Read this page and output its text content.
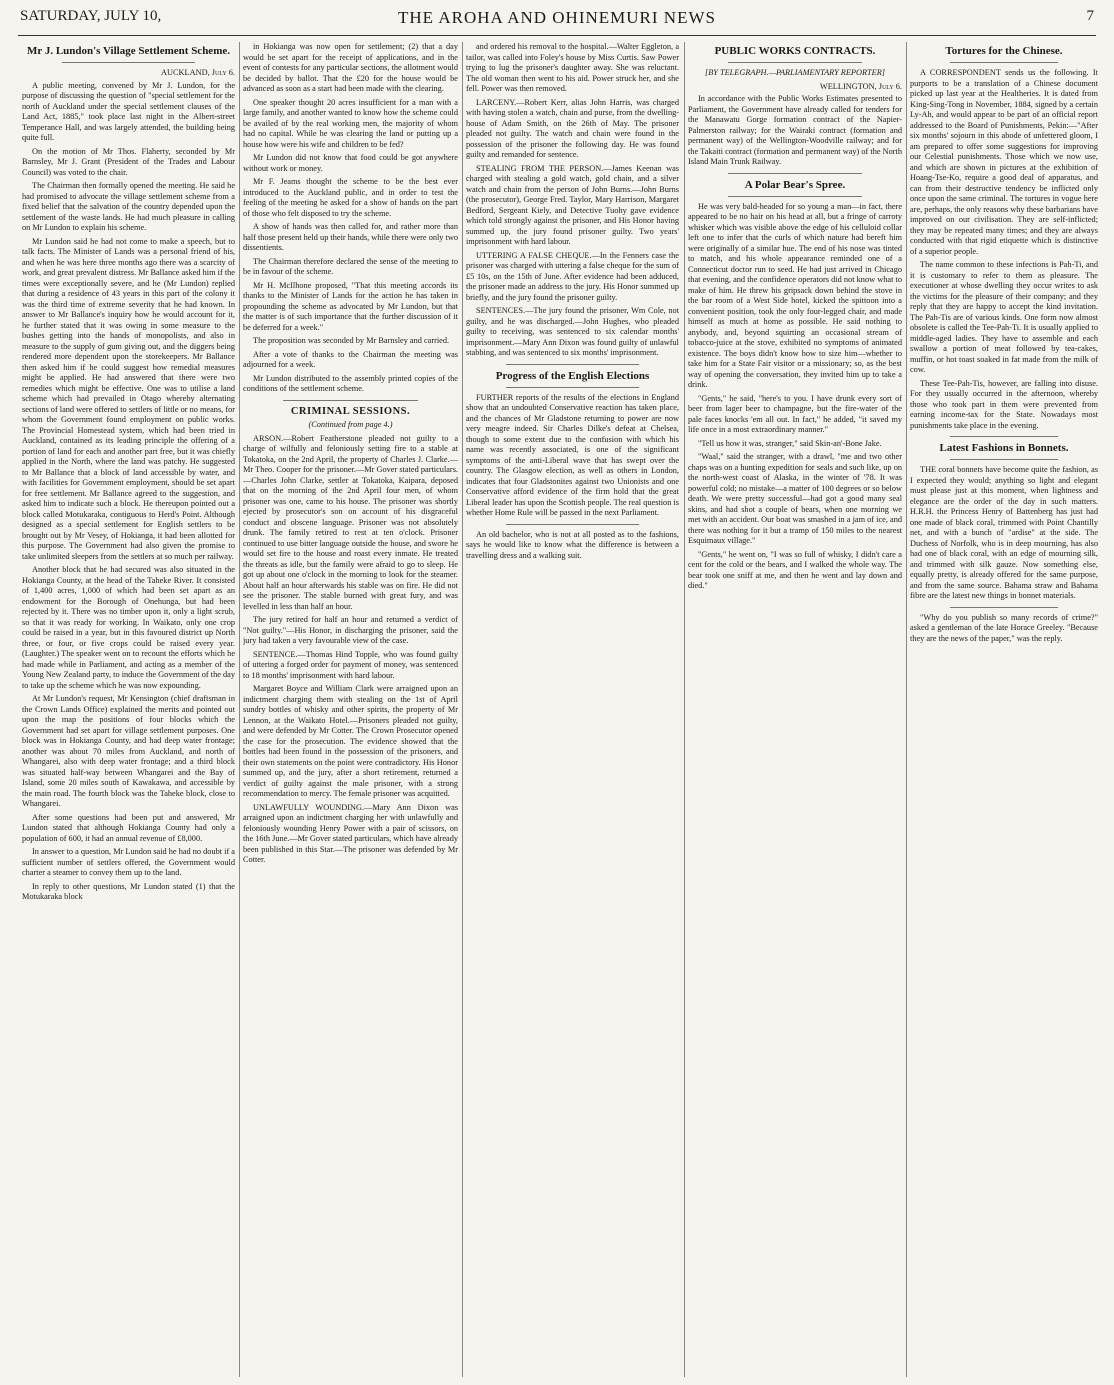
SATURDAY, JULY 10,	THE AROHA AND OHINEMURI NEWS	7
Mr J. Lundon's Village Settlement Scheme.
AUCKLAND, July 6.

A public meeting, convened by Mr J. Lundon, for the purpose of discussing the question of "special settlement for the north of Auckland under the special settlement clauses of the Land Act, 1885," took place last night in the Albert-street Temperance Hall, and was largely attended, the building being quite full.

On the motion of Mr Thos. Flaherty, seconded by Mr Barnsley, Mr J. Grant (President of the Trades and Labour Council) was voted to the chair.

The Chairman then formally opened the meeting. He said he had promised to advocate the village settlement scheme from a fixed belief that the salvation of the country depended upon the settlement of the waste lands. He had much pleasure in calling on Mr Lundon to explain his scheme.

Mr Lundon said he had not come to make a speech, but to talk facts. The Minister of Lands was a personal friend of his, and when he was here three months ago there was a scarcity of work, and great prevalent distress. Mr Ballance asked him if the times were exceptionally severe, and he (Mr Lundon) replied that during a residence of 43 years in this part of the colony it was the third time of extreme severity that he had known. In answer to Mr Ballance's inquiry how he would account for it, he further stated that it was owing in some measure to the bushes getting into the hands of monopolists, and also in measure to the supply of gum giving out, and the diggers being rendered more dependent upon the storekeepers. Mr Ballance then asked him if he could suggest how remedial measures might be applied. He had answered that there were two remedies which might be effective. One was to utilise a land scheme which had prevailed in Otago whereby alternating sections of land were offered to settlers of little or no means, for whom the Government found employment on public works. The Provincial Homestead system, which had been tried in Auckland, contained as its leading principle the offering of a portion of land for each and another part free, but it was chiefly applied in the North, where the land was patchy. He suggested to Mr Ballance that a block of land accessible by water, and with facilities for Government employment, should be set apart for free settlement. Mr Ballance agreed to the suggestion, and asked him to indicate such a block. He thereupon pointed out a block called Motukaraka, contiguous to Herd's Point. Although designed as a special settlement for English settlers to be brought out by Mr Vesey, of Hokianga, it had been allotted for this purpose. The Government had also given the promise to take unlimited sleepers from the settlers at so much per railway.

Another block that he had secured was also situated in the Hokianga County, at the head of the Taheke River. It consisted of 1,400 acres, 1,000 of which had been set apart as an endowment for the Borough of Onehunga, but had been rejected by it. There was no timber upon it, only a light scrub, so that it was ready for working. In Waikato, only one crop could be raised in a year, but in this favoured district up North three, or four, or five crops could be raised every year. (Laughter.) The speaker went on to recount the efforts which he had made while in Parliament, and acting as a member of the Young New Zealand party, to induce the Government of the day to take up the scheme which he was now expounding.

At Mr Lundon's request, Mr Kensington (chief draftsman in the Crown Lands Office) explained the merits and pointed out upon the map the positions of four blocks which the Government had set apart for village settlement purposes. One block was in Hokianga County, and had deep water frontage; another was about 70 miles from Auckland, and north of Whangarei, also with deep water frontage; and a third block was situated half-way between Whangarei and the Bay of Island, some 20 miles south of Kawakawa, and accessible by the main road. The fourth block was the Taheke block, close to Whangarei.

After some questions had been put and answered, Mr Lundon stated that although Hokianga County had only a population of 600, it had an annual revenue of £8,000.

In answer to a question, Mr Lundon said he had no doubt if a sufficient number of settlers offered, the Government would charter a steamer to convey them up to the land.

In reply to other questions, Mr Lundon stated (1) that the Motukaraka block

in Hokianga was now open for settlement; (2) that a day would be set apart for the receipt of applications, and in the event of contests for any particular sections, the allotment would be decided by ballot. That the £20 for the house would be advanced as soon as a start had been made with the clearing.

One speaker thought 20 acres insufficient for a man with a large family, and another wanted to know how the scheme could be availed of by the real working men, the majority of whom had no capital. While he was clearing the land or putting up a house how were his wife and children to be fed?

Mr Lundon did not know that food could be got anywhere without work or money.

Mr F. Jeams thought the scheme to be the best ever introduced to the Auckland public, and in order to test the feeling of the meeting he asked for a show of hands on the part of those who felt disposed to try the scheme.

A show of hands was then called for, and rather more than half those present held up their hands, while there were only two dissentients.

The Chairman therefore declared the sense of the meeting to be in favour of the scheme.

Mr H. McIlhone proposed, "That this meeting accords its thanks to the Minister of Lands for the action he has taken in propounding the scheme as advocated by Mr Lundon, but that the matter is of such importance that the further discussion of it be deferred for a week."

The proposition was seconded by Mr Barnsley and carried.

After a vote of thanks to the Chairman the meeting was adjourned for a week.

Mr Lundon distributed to the assembly printed copies of the conditions of the settlement scheme.

CRIMINAL SESSIONS.
(Continued from page 4.)

ARSON.—Robert Featherstone pleaded not guilty to a charge of wilfully and feloniously setting fire to a stable at Tokatoka, on the 2nd April, the property of Charles J. Clarke.—Mr Theo. Cooper for the prisoner.—Mr Gover stated particulars.—Charles John Clarke, settler at Tokatoka, Kaipara, deposed that on the morning of the 2nd April four men, of whom prisoner was one, came to his house. The prisoner was shortly ejected by prosecutor's son on account of his disgraceful conduct and obscene language. Prisoner was not absolutely drunk. The family retired to rest at ten o'clock. Prisoner continued to use bitter language outside the house, and swore he would set fire to the house and roast every inmate. He treated the threats as idle, but the family were afraid to go to sleep. He got up about one o'clock in the morning to look for the steamer. About half an hour afterwards his stable was on fire. He did not see the prisoner. The stable burned with great fury, and was levelled in less than half an hour.

The jury retired for half an hour and returned a verdict of "Not guilty."—His Honor, in discharging the prisoner, said the jury had taken a very favourable view of the case.

SENTENCE.—Thomas Hind Topple, who was found guilty of uttering a forged order for payment of money, was sentenced to 18 months' imprisonment with hard labour.

Margaret Boyce and William Clark were arraigned upon an indictment charging them with stealing on the 1st of April sundry bottles of whisky and other spirits, the property of Mr Lennon, at the Waikato Hotel.—Prisoners pleaded not guilty, and were defended by Mr Cotter. The Crown Prosecutor opened the case for the prosecution. The evidence showed that the bottles had been found in the possession of the prisoners, and their own statements on the point were contradictory. His Honor summed up, and the jury, after a short retirement, returned a verdict of guilty against the male prisoner, with a strong recommendation to mercy. The female prisoner was acquitted.

UNLAWFULLY WOUNDING.—Mary Ann Dixon was arraigned upon an indictment charging her with unlawfully and feloniously wounding Henry Power with a pair of scissors, on the 16th June.—Mr Gover stated particulars, which have already been published in this Star.—The prisoner was defended by Mr Cotter.

and ordered his removal to the hospital.—Walter Eggleton, a tailor, was called into Foley's house by Miss Curtis. Saw Power trying to lug the prisoner's daughter away. She was reluctant. The old woman then went to his aid. Power struck her, and she fell. Power was then removed.

LARCENY.—Robert Kerr, alias John Harris, was charged with having stolen a watch, chain and purse, from the dwelling-house of Adam Smith, on the 26th of May. The prisoner pleaded not guilty. The watch and chain were found in the possession of the prisoner the following day. He was found guilty and remanded for sentence.

STEALING FROM THE PERSON.—James Keenan was charged with stealing a gold watch, gold chain, and a silver watch and chain from the person of John Burns.—John Burns (the prosecutor), George Fred. Taylor, Mary Harrison, Margaret Bedford, Sergeant Kiely, and Detective Tuohy gave evidence which told strongly against the prisoner, and His Honor having summed up, the jury found prisoner guilty. Two years' imprisonment with hard labour.

UTTERING A FALSE CHEQUE.—In the Fenners case the prisoner was charged with uttering a false cheque for the sum of £5 10s, on the 15th of June. After evidence had been adduced, the prisoner made an address to the jury. His Honor summed up briefly, and the jury found the prisoner guilty.

SENTENCES.—The jury found the prisoner, Wm Cole, not guilty, and he was discharged.—John Hughes, who pleaded guilty to receiving, was sentenced to six calendar months' imprisonment.—Mary Ann Dixon was found guilty of unlawful stabbing, and was sentenced to six months' imprisonment.

Progress of the English Elections

FURTHER reports of the results of the elections in England show that an undoubted Conservative reaction has taken place, and the chances of Mr Gladstone returning to power are now very meagre indeed. Sir Charles Dilke's defeat at Chelsea, though to some extent due to the confusion with which his name was recently associated, is one of the significant symptoms of the anti-Liberal wave that has swept over the country. The Glasgow election, as well as others in London, indicates that four Gladstonites against two Unionists and one Conservative afford evidence of the firm hold that the great Liberal leader has upon the Scottish people. The real question is whether Home Rule will be passed in the next Parliament.

An old bachelor, who is not at all posted as to the fashions, says he would like to know what the difference is between a travelling dress and a walking suit.

PUBLIC WORKS CONTRACTS.
[BY TELEGRAPH.—PARLIAMENTARY REPORTER]
WELLINGTON, July 6.

In accordance with the Public Works Estimates presented to Parliament, the Government have already called for tenders for the Manawatu Gorge formation contract of the Napier-Palmerston railway; for the Wairaki contract (formation and permanent way) of the Wellington-Woodville railway; and for the Takaiti contract (formation and permanent way) of the North Island Main Trunk Railway.

A Polar Bear's Spree.

He was very bald-headed for so young a man—in fact, there appeared to be no hair on his head at all, but a fringe of carroty whisker which was visible above the edge of his celluloid collar left one to infer that the curls of which nature had bereft him were originally of a similar hue. The end of his nose was tinted to match, and his whole appearance reminded one of a Connecticut doctor run to seed. He had just arrived in Chicago that evening, and the confidence operators did not know what to make of him. He threw his gripsack down behind the stove in the bar room of a West Side hotel, kicked the spittoon into a convenient position, took the only four-legged chair, and made himself as much at home as possible. He said nothing to anybody, and, beyond squirting an occasional stream of tobacco-juice at the stove, exhibited no symptoms of animated existence. The boys didn't know how to size him—whether to take him for a State Fair visitor or a missionary; so, as the best way of opening the conversation, they invited him up to take a drink.

"Gents," he said, "here's to you. I have drunk every sort of beer from lager beer to champagne, but the fire-water of the pale faces knocks 'em all out. In fact," he added, "it saved my life once in a most extraordinary manner."

"Tell us how it was, stranger," said Skin-an'-Bone Jake.

"Waal," said the stranger, with a drawl, "me and two other chaps was on a hunting expedition for seals and such like, up on the north-west coast of Alaska, in the winter of '78. It was powerful cold; no mistake—a matter of 100 degrees or so below death. We were pretty successful—had got a good many seal skins, and had shot a couple of bears, when one morning we met with an accident. Our boat was smashed in a jam of ice, and there was nothing for it but a tramp of 150 miles to the nearest Esquimaux village."

"Gents," he went on, "I was so full of whisky, I didn't care a cent for the cold or the bears, and I walked the whole way. The bear took one sniff at me, and then he went and lay down and died."

Tortures for the Chinese.

A CORRESPONDENT sends us the following. It purports to be a translation of a Chinese document picked up last year at the Healtheries. It is dated from King-Sing-Tong in November, 1884, signed by a certain Ly-Ah, and would appear to be part of an official report addressed to the Board of Punishments, Pekin:—"After six months' sojourn in this abode of unfettered gloom, I am prepared to offer some suggestions for improving our Celestial punishments. Those which we now use, and which are shown in pictures at the exhibition of Hoang-Tse-Ko, require a good deal of apparatus, and can from their destructive tendency be inflicted only once upon the same criminal. The tortures in vogue here are, perhaps, the only reasons why these barbarians have improved on our civilisation. They are self-inflicted; they may be repeated many times; and they are always conducted with that rigid etiquette which is distinctive of a superior people.

The name common to these infections is Pah-Ti, and it is customary to refer to them as pleasure. The executioner at whose dwelling they occur writes to ask the victims for the pleasure of their company; and they reply that they are happy to accept the kind invitation. The Pah-Tis are of various kinds. One form now almost obsolete is called the Tee-Pah-Ti. It is usually applied to middle-aged ladies. They have to assemble and each swallow a portion of meat followed by tea-cakes, muffin, or hot toast soaked in fat made from the milk of cow.

These Tee-Pah-Tis, however, are falling into disuse. For they usually occurred in the afternoon, whereby those who took part in them were prevented from earning income-tax for the State. Nowadays most punishments take place in the evening.

Latest Fashions in Bonnets.

THE coral bonnets have become quite the fashion, as I expected they would; anything so light and elegant must please just at this moment, when lightness and elegance are the order of the day in such matters. H.R.H. the Princess Henry of Battenberg has just had one made of black coral, trimmed with Point Chantilly net, and with a bunch of "ardise" at the side. The Duchess of Norfolk, who is in deep mourning, has also had one of black coral, with an edge of mourning silk, and trimmed with silk gauze. Now something else, equally pretty, is already offered for the same purpose, and from the same source. Bahama straw and Bahama fibre are the latest new things in bonnet materials.

"Why do you publish so many records of crime?" asked a gentleman of the late Horace Greeley. "Because they are the news of the paper," was the reply.
